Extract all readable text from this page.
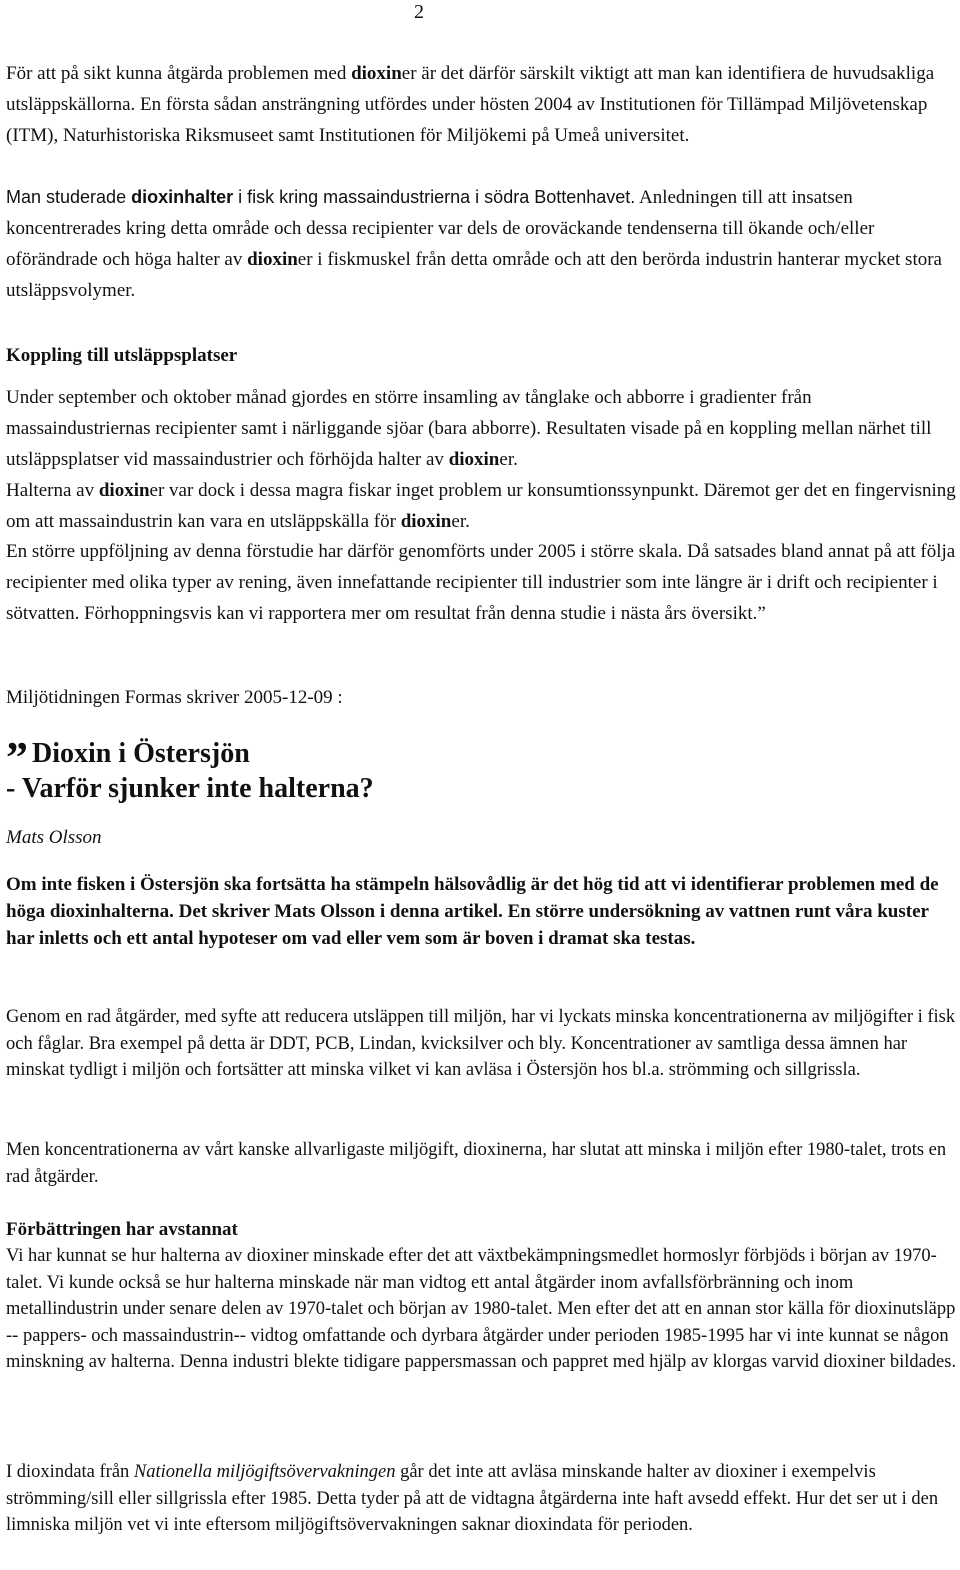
2

För att på sikt kunna åtgärda problemen med dioxiner är det därför särskilt viktigt att man kan identifiera de huvudsakliga utsläppskällorna. En första sådan ansträngning utfördes under hösten 2004 av Institutionen för Tillämpad Miljövetenskap (ITM), Naturhistoriska Riksmuseet samt Institutionen för Miljökemi på Umeå universitet.

Man studerade dioxinhalter i fisk kring massaindustrierna i södra Bottenhavet. Anledningen till att insatsen koncentrerades kring detta område och dessa recipienter var dels de oroväckande tendenserna till ökande och/eller oförändrade och höga halter av dioxiner i fiskmuskel från detta område och att den berörda industrin hanterar mycket stora utsläppsvolymer.

Koppling till utsläppsplatser

Under september och oktober månad gjordes en större insamling av tånglake och abborre i gradienter från massaindustriernas recipienter samt i närliggande sjöar (bara abborre). Resultaten visade på en koppling mellan närhet till utsläppsplatser vid massaindustrier och förhöjda halter av dioxiner.

Halterna av dioxiner var dock i dessa magra fiskar inget problem ur konsumtionssynpunkt. Däremot ger det en fingervisning om att massaindustrin kan vara en utsläppskälla för dioxiner.

En större uppföljning av denna förstudie har därför genomförts under 2005 i större skala. Då satsades bland annat på att följa recipienter med olika typer av rening, även innefattande recipienter till industrier som inte längre är i drift och recipienter i sötvatten. Förhoppningsvis kan vi rapportera mer om resultat från denna studie i nästa års översikt.”

Miljötidningen Formas skriver 2005-12-09 :

” Dioxin i Östersjön
- Varför sjunker inte halterna?
Mats Olsson

Om inte fisken i Östersjön ska fortsätta ha stämpeln hälsovådlig är det hög tid att vi identifierar problemen med de höga dioxinhalterna. Det skriver Mats Olsson i denna artikel. En större undersökning av vattnen runt våra kuster har inletts och ett antal hypoteser om vad eller vem som är boven i dramat ska testas.

Genom en rad åtgärder, med syfte att reducera utsläppen till miljön, har vi lyckats minska koncentrationerna av miljögifter i fisk och fåglar. Bra exempel på detta är DDT, PCB, Lindan, kvicksilver och bly. Koncentrationer av samtliga dessa ämnen har minskat tydligt i miljön och fortsätter att minska vilket vi kan avläsa i Östersjön hos bl.a. strömming och sillgrissla.

Men koncentrationerna av vårt kanske allvarligaste miljögift, dioxinerna, har slutat att minska i miljön efter 1980-talet, trots en rad åtgärder.

Förbättringen har avstannat

Vi har kunnat se hur halterna av dioxiner minskade efter det att växtbekämpningsmedlet hormoslyr förbjöds i början av 1970-talet. Vi kunde också se hur halterna minskade när man vidtog ett antal åtgärder inom avfallsförbränning och inom metallindustrin under senare delen av 1970-talet och början av 1980-talet. Men efter det att en annan stor källa för dioxinutsläpp -- pappers- och massaindustrin-- vidtog omfattande och dyrbara åtgärder under perioden 1985-1995 har vi inte kunnat se någon minskning av halterna. Denna industri blekte tidigare pappersmassan och pappret med hjälp av klorgas varvid dioxiner bildades.

I dioxindata från Nationella miljögiftsövervakningen går det inte att avläsa minskande halter av dioxiner i exempelvis strömming/sill eller sillgrissla efter 1985. Detta tyder på att de vidtagna åtgärderna inte haft avsedd effekt. Hur det ser ut i den limniska miljön vet vi inte eftersom miljögiftsövervakningen saknar dioxindata för perioden.
